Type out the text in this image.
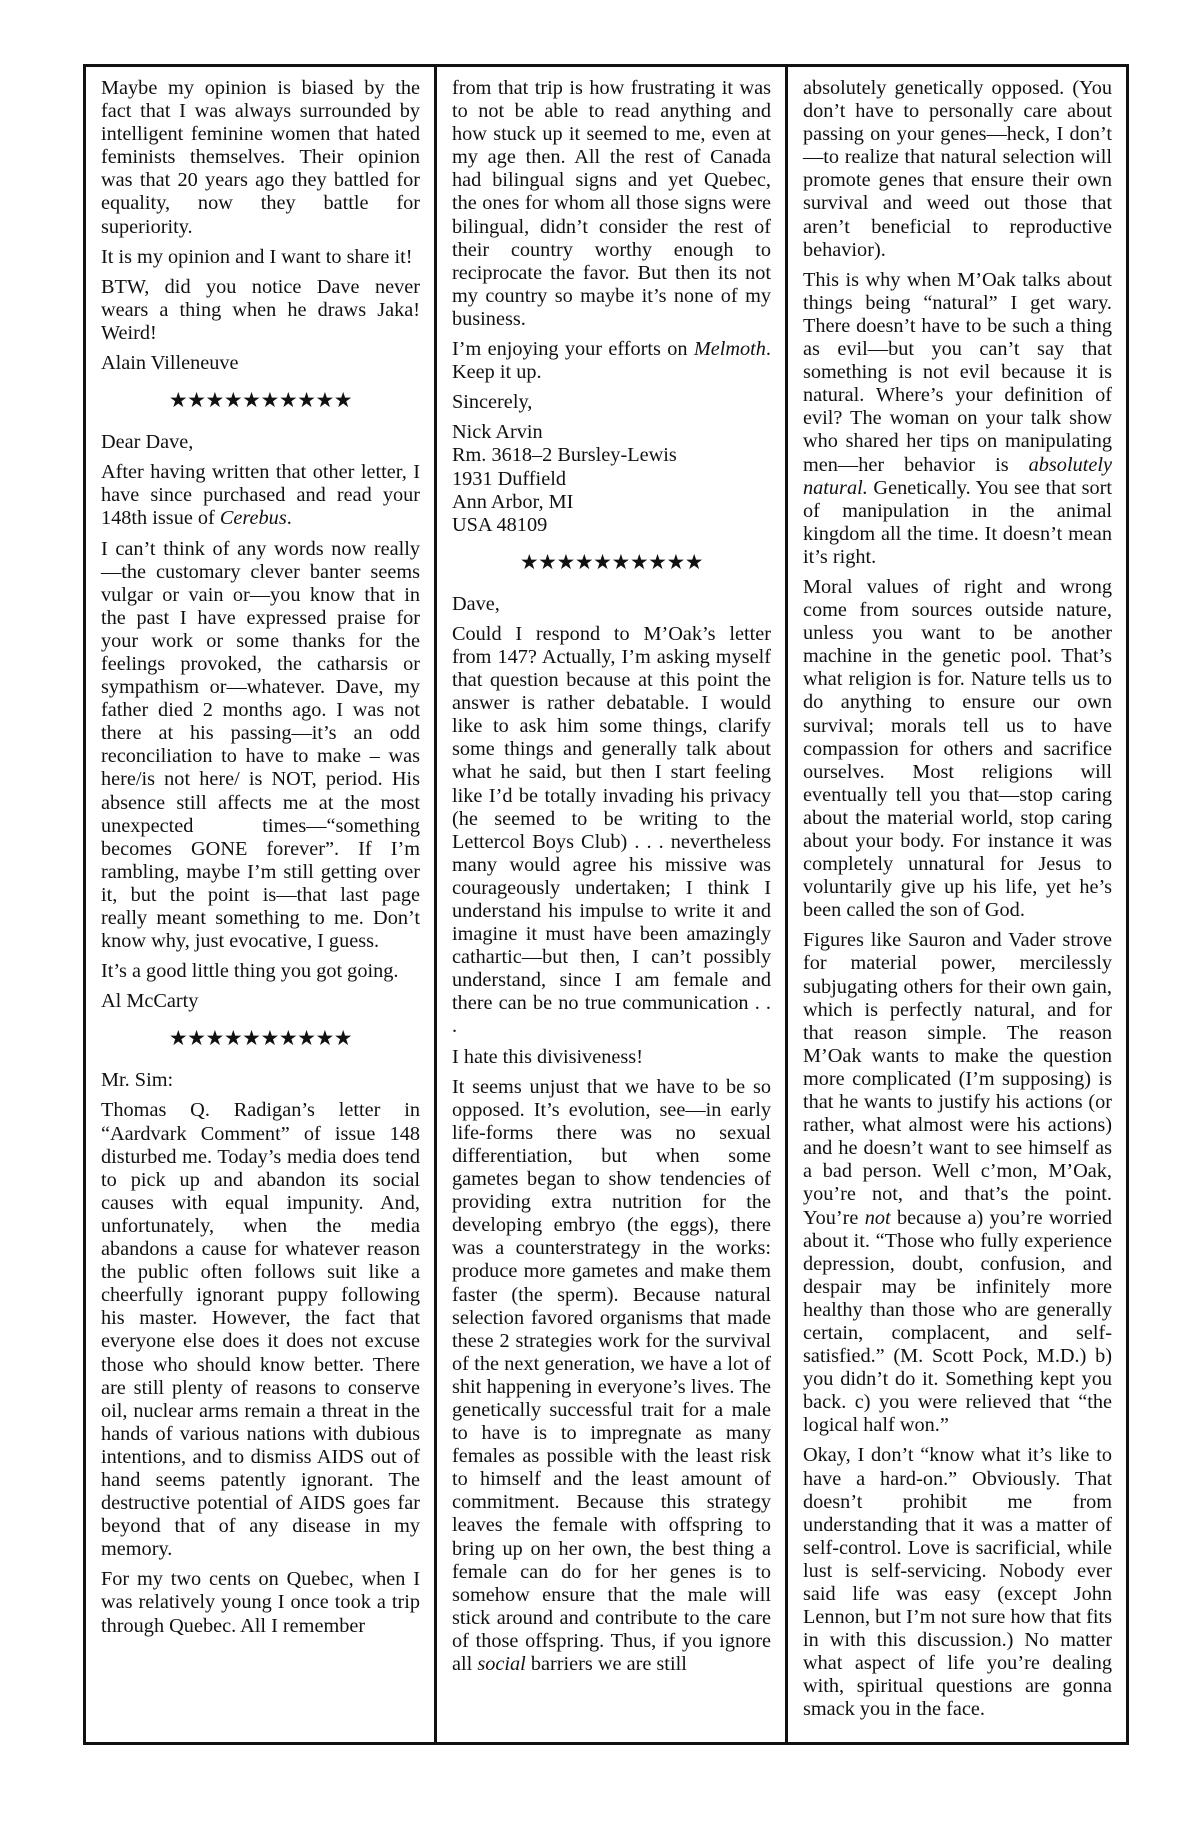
Maybe my opinion is biased by the fact that I was always surrounded by intelligent feminine women that hated feminists themselves. Their opinion was that 20 years ago they battled for equality, now they battle for superiority.
It is my opinion and I want to share it!
BTW, did you notice Dave never wears a thing when he draws Jaka! Weird!
Alain Villeneuve
★★★★★★★★★★
Dear Dave,
After having written that other letter, I have since purchased and read your 148th issue of Cerebus.
I can’t think of any words now really—the customary clever banter seems vulgar or vain or—you know that in the past I have expressed praise for your work or some thanks for the feelings provoked, the catharsis or sympathism or—whatever. Dave, my father died 2 months ago. I was not there at his passing—it’s an odd reconciliation to have to make – was here/is not here/ is NOT, period. His absence still affects me at the most unexpected times—“something becomes GONE forever”. If I’m rambling, maybe I’m still getting over it, but the point is—that last page really meant something to me. Don’t know why, just evocative, I guess.
It’s a good little thing you got going.
Al McCarty
★★★★★★★★★★
Mr. Sim:
Thomas Q. Radigan’s letter in “Aardvark Comment” of issue 148 disturbed me. Today’s media does tend to pick up and abandon its social causes with equal impunity. And, unfortunately, when the media abandons a cause for whatever reason the public often follows suit like a cheerfully ignorant puppy following his master. However, the fact that everyone else does it does not excuse those who should know better. There are still plenty of reasons to conserve oil, nuclear arms remain a threat in the hands of various nations with dubious intentions, and to dismiss AIDS out of hand seems patently ignorant. The destructive potential of AIDS goes far beyond that of any disease in my memory.
For my two cents on Quebec, when I was relatively young I once took a trip through Quebec. All I remember
from that trip is how frustrating it was to not be able to read anything and how stuck up it seemed to me, even at my age then. All the rest of Canada had bilingual signs and yet Quebec, the ones for whom all those signs were bilingual, didn’t consider the rest of their country worthy enough to reciprocate the favor. But then its not my country so maybe it’s none of my business.
I’m enjoying your efforts on Melmoth. Keep it up.
Sincerely,
Nick Arvin
Rm. 3618–2 Bursley-Lewis
1931 Duffield
Ann Arbor, MI
USA 48109
★★★★★★★★★★
Dave,
Could I respond to M’Oak’s letter from 147? Actually, I’m asking myself that question because at this point the answer is rather debatable. I would like to ask him some things, clarify some things and generally talk about what he said, but then I start feeling like I’d be totally invading his privacy (he seemed to be writing to the Lettercol Boys Club) . . . nevertheless many would agree his missive was courageously undertaken; I think I understand his impulse to write it and imagine it must have been amazingly cathartic—but then, I can’t possibly understand, since I am female and there can be no true communication . . .
I hate this divisiveness!
It seems unjust that we have to be so opposed. It’s evolution, see—in early life-forms there was no sexual differentiation, but when some gametes began to show tendencies of providing extra nutrition for the developing embryo (the eggs), there was a counterstrategy in the works: produce more gametes and make them faster (the sperm). Because natural selection favored organisms that made these 2 strategies work for the survival of the next generation, we have a lot of shit happening in everyone’s lives. The genetically successful trait for a male to have is to impregnate as many females as possible with the least risk to himself and the least amount of commitment. Because this strategy leaves the female with offspring to bring up on her own, the best thing a female can do for her genes is to somehow ensure that the male will stick around and contribute to the care of those offspring. Thus, if you ignore all social barriers we are still
absolutely genetically opposed. (You don’t have to personally care about passing on your genes—heck, I don’t—to realize that natural selection will promote genes that ensure their own survival and weed out those that aren’t beneficial to reproductive behavior).
This is why when M’Oak talks about things being “natural” I get wary. There doesn’t have to be such a thing as evil—but you can’t say that something is not evil because it is natural. Where’s your definition of evil? The woman on your talk show who shared her tips on manipulating men—her behavior is absolutely natural. Genetically. You see that sort of manipulation in the animal kingdom all the time. It doesn’t mean it’s right.
Moral values of right and wrong come from sources outside nature, unless you want to be another machine in the genetic pool. That’s what religion is for. Nature tells us to do anything to ensure our own survival; morals tell us to have compassion for others and sacrifice ourselves. Most religions will eventually tell you that—stop caring about the material world, stop caring about your body. For instance it was completely unnatural for Jesus to voluntarily give up his life, yet he’s been called the son of God.
Figures like Sauron and Vader strove for material power, mercilessly subjugating others for their own gain, which is perfectly natural, and for that reason simple. The reason M’Oak wants to make the question more complicated (I’m supposing) is that he wants to justify his actions (or rather, what almost were his actions) and he doesn’t want to see himself as a bad person. Well c’mon, M’Oak, you’re not, and that’s the point. You’re not because a) you’re worried about it. “Those who fully experience depression, doubt, confusion, and despair may be infinitely more healthy than those who are generally certain, complacent, and self-satisfied.” (M. Scott Pock, M.D.) b) you didn’t do it. Something kept you back. c) you were relieved that “the logical half won.”
Okay, I don’t “know what it’s like to have a hard-on.” Obviously. That doesn’t prohibit me from understanding that it was a matter of self-control. Love is sacrificial, while lust is self-servicing. Nobody ever said life was easy (except John Lennon, but I’m not sure how that fits in with this discussion.) No matter what aspect of life you’re dealing with, spiritual questions are gonna smack you in the face.
